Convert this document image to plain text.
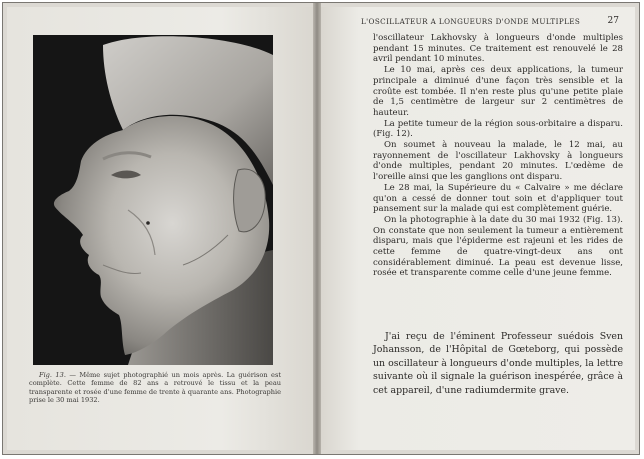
Fig. 13. — Même sujet photographié un mois après. La guérison est complète. Cette femme de 82 ans a retrouvé le tissu et la peau transparente et rosée d'une femme de trente à quarante ans. Photographie prise le 30 mai 1932.
L'OSCILLATEUR A LONGUEURS D'ONDE MULTIPLES	27

l'oscillateur Lakhovsky à longueurs d'onde multiples pendant 15 minutes. Ce traitement est renouvelé le 28 avril pendant 10 minutes.

Le 10 mai, après ces deux applications, la tumeur principale a diminué d'une façon très sensible et la croûte est tombée. Il n'en reste plus qu'une petite plaie de 1,5 centimètre de largeur sur 2 centimètres de hauteur.

La petite tumeur de la région sous-orbitaire a disparu. (Fig. 12).

On soumet à nouveau la malade, le 12 mai, au rayonnement de l'oscillateur Lakhovsky à longueurs d'onde multiples, pendant 20 minutes. L'œdème de l'oreille ainsi que les ganglions ont disparu.

Le 28 mai, la Supérieure du « Calvaire » me déclare qu'on a cessé de donner tout soin et d'appliquer tout pansement sur la malade qui est complètement guérie.

On la photographie à la date du 30 mai 1932 (Fig. 13). On constate que non seulement la tumeur a entièrement disparu, mais que l'épiderme est rajeuni et les rides de cette femme de quatre-vingt-deux ans ont considérablement diminué. La peau est devenue lisse, rosée et transparente comme celle d'une jeune femme.

J'ai reçu de l'éminent Professeur suédois Sven Johansson, de l'Hôpital de Gœteborg, qui possède un oscillateur à longueurs d'onde multiples, la lettre suivante où il signale la guérison inespérée, grâce à cet appareil, d'une radiumdermite grave.
